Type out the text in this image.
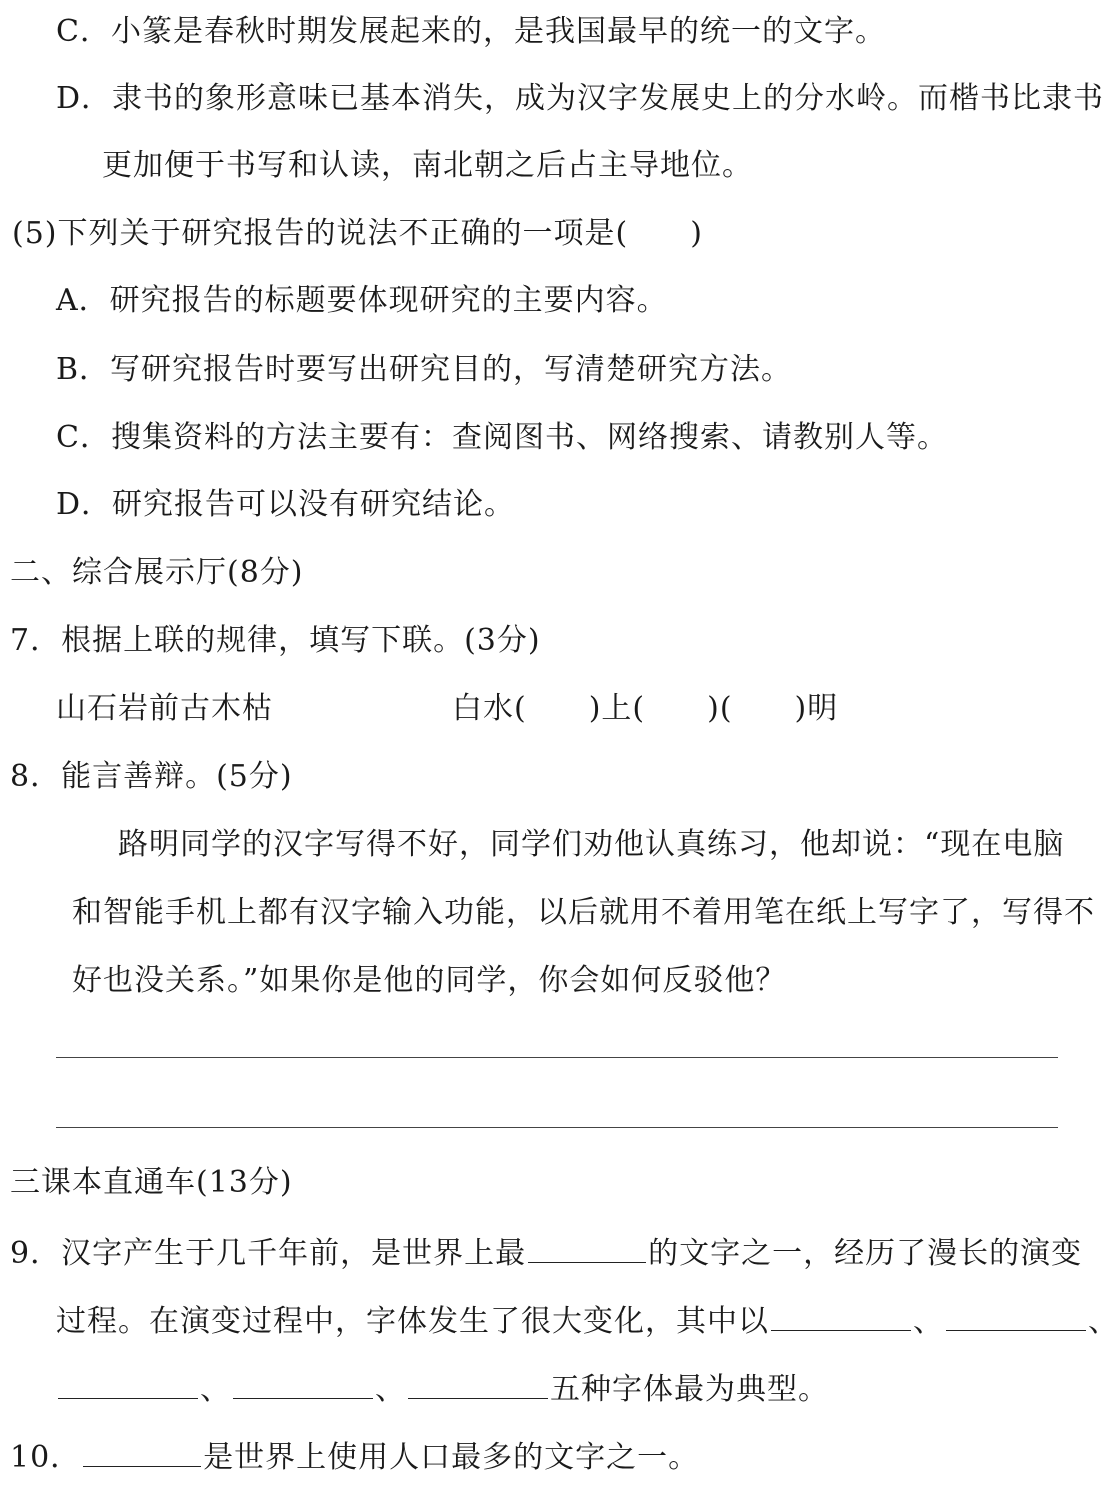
C．小篆是春秋时期发展起来的，是我国最早的统一的文字。
D．隶书的象形意味已基本消失，成为汉字发展史上的分水岭。而楷书比隶书
更加便于书写和认读，南北朝之后占主导地位。
(5)下列关于研究报告的说法不正确的一项是(　　)
A．研究报告的标题要体现研究的主要内容。
B．写研究报告时要写出研究目的，写清楚研究方法。
C．搜集资料的方法主要有：查阅图书、网络搜索、请教别人等。
D．研究报告可以没有研究结论。
二、综合展示厅(8分)
7．根据上联的规律，填写下联。(3分)
山石岩前古木枯	白水(　　)上(　　)(　　)明
8．能言善辩。(5分)
路明同学的汉字写得不好，同学们劝他认真练习，他却说：“现在电脑
和智能手机上都有汉字输入功能，以后就用不着用笔在纸上写字了，写得不
好也没关系。”如果你是他的同学，你会如何反驳他？
三课本直通车(13分)
9．汉字产生于几千年前，是世界上最	的文字之一，经历了漫长的演变
过程。在演变过程中，字体发生了很大变化，其中以	、	、
、	、	五种字体最为典型。
10．	是世界上使用人口最多的文字之一。
